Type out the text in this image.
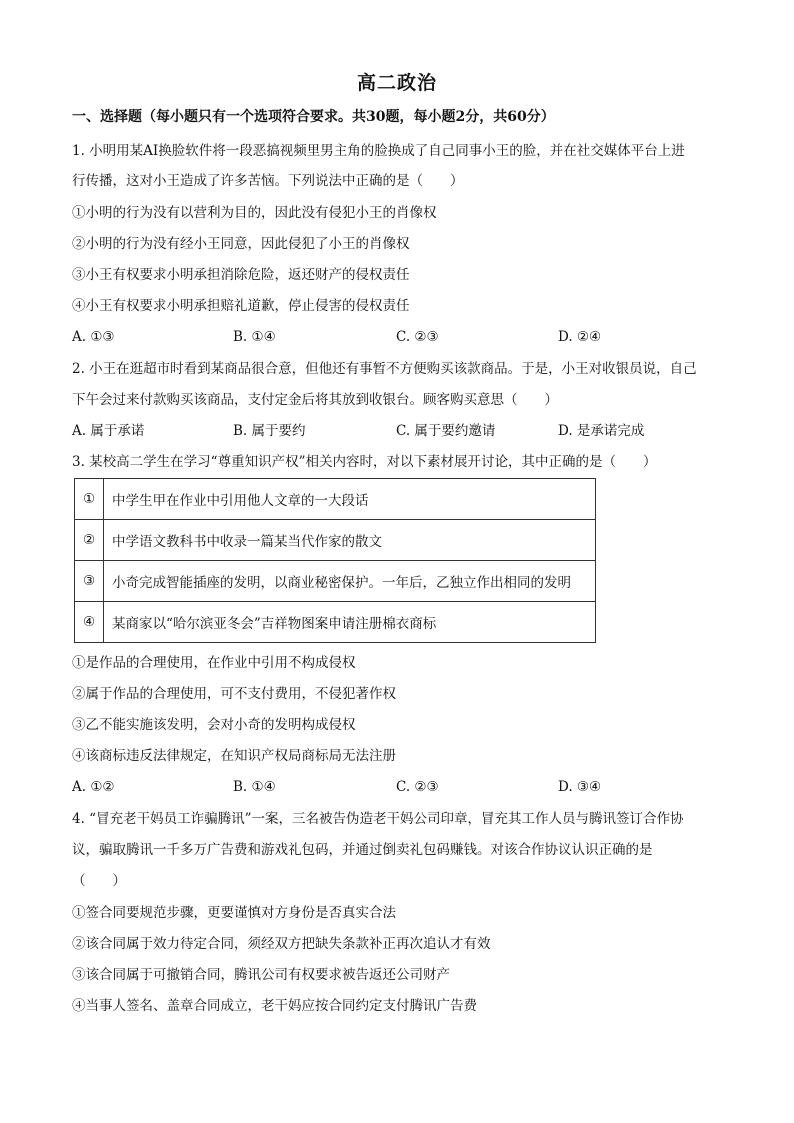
高二政治
一、选择题（每小题只有一个选项符合要求。共30题，每小题2分，共60分）
1. 小明用某AI换脸软件将一段恶搞视频里男主角的脸换成了自己同事小王的脸，并在社交媒体平台上进
行传播，这对小王造成了许多苦恼。下列说法中正确的是（　　）
①小明的行为没有以营利为目的，因此没有侵犯小王的肖像权
②小明的行为没有经小王同意，因此侵犯了小王的肖像权
③小王有权要求小明承担消除危险，返还财产的侵权责任
④小王有权要求小明承担赔礼道歉，停止侵害的侵权责任
A. ①③	B. ①④	C. ②③	D. ②④
2. 小王在逛超市时看到某商品很合意，但他还有事暂不方便购买该款商品。于是，小王对收银员说，自己
下午会过来付款购买该商品，支付定金后将其放到收银台。顾客购买意思（　　）
A. 属于承诺	B. 属于要约	C. 属于要约邀请	D. 是承诺完成
3. 某校高二学生在学习“尊重知识产权”相关内容时，对以下素材展开讨论，其中正确的是（　　）
①	中学生甲在作业中引用他人文章的一大段话
②	中学语文教科书中收录一篇某当代作家的散文
③	小奇完成智能插座的发明，以商业秘密保护。一年后，乙独立作出相同的发明
④	某商家以“哈尔滨亚冬会”吉祥物图案申请注册棉衣商标
①是作品的合理使用，在作业中引用不构成侵权
②属于作品的合理使用，可不支付费用，不侵犯著作权
③乙不能实施该发明，会对小奇的发明构成侵权
④该商标违反法律规定，在知识产权局商标局无法注册
A. ①②	B. ①④	C. ②③	D. ③④
4. “冒充老干妈员工诈骗腾讯”一案，三名被告伪造老干妈公司印章，冒充其工作人员与腾讯签订合作协
议，骗取腾讯一千多万广告费和游戏礼包码，并通过倒卖礼包码赚钱。对该合作协议认识正确的是
（　　）
①签合同要规范步骤，更要谨慎对方身份是否真实合法
②该合同属于效力待定合同，须经双方把缺失条款补正再次追认才有效
③该合同属于可撤销合同，腾讯公司有权要求被告返还公司财产
④当事人签名、盖章合同成立，老干妈应按合同约定支付腾讯广告费
